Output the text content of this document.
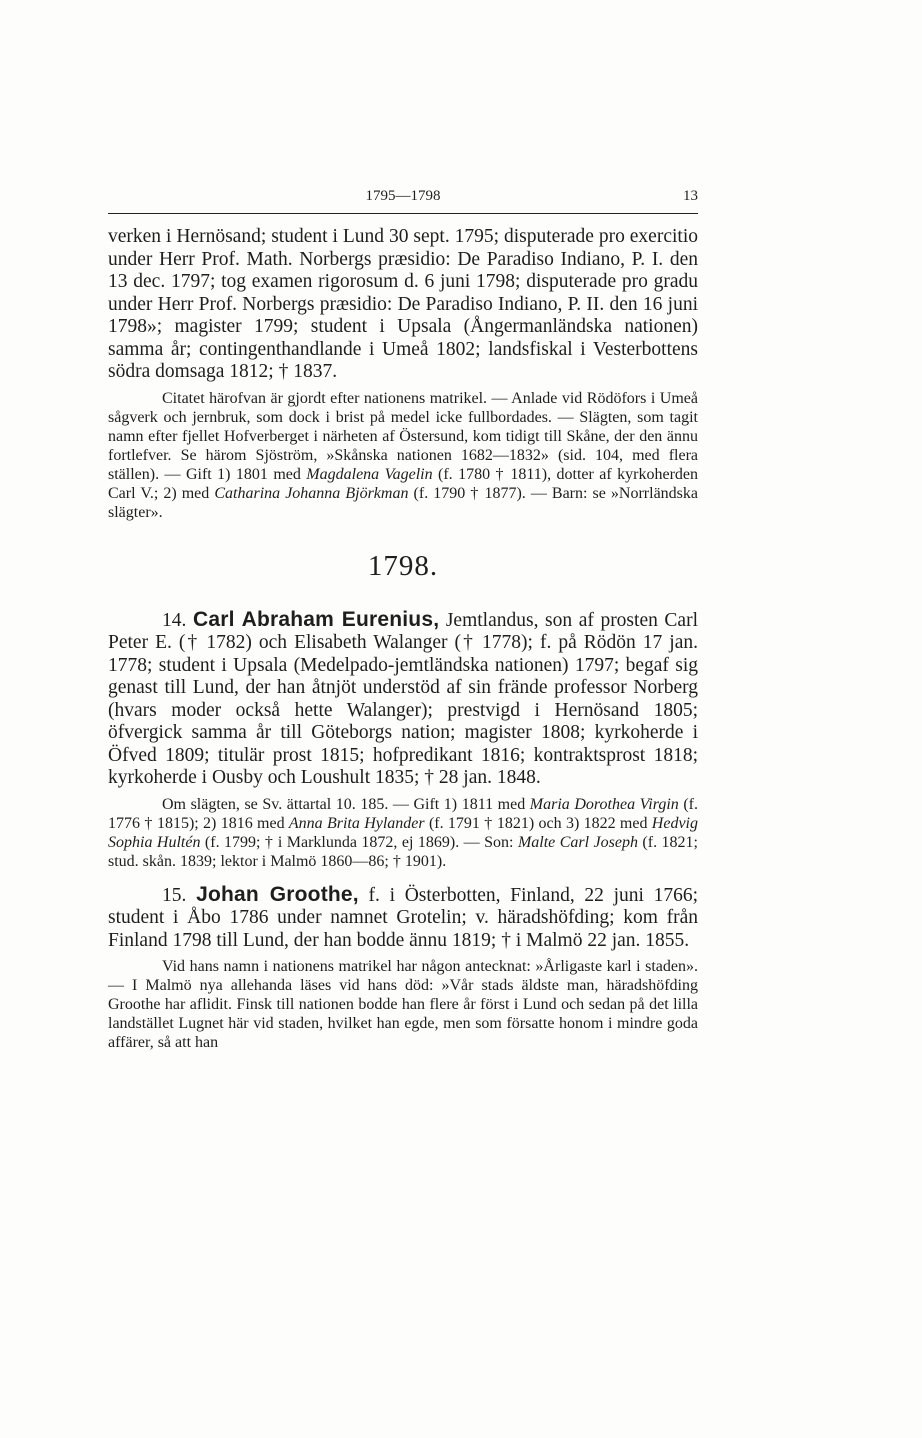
1795—1798	13

verken i Hernösand; student i Lund 30 sept. 1795; disputerade pro exercitio under Herr Prof. Math. Norbergs præsidio: De Paradiso Indiano, P. I. den 13 dec. 1797; tog examen rigorosum d. 6 juni 1798; disputerade pro gradu under Herr Prof. Norbergs præsidio: De Paradiso Indiano, P. II. den 16 juni 1798»; magister 1799; student i Upsala (Ångermanländska nationen) samma år; contingenthandlande i Umeå 1802; landsfiskal i Vesterbottens södra domsaga 1812; † 1837.

Citatet härofvan är gjordt efter nationens matrikel. — Anlade vid Rödöfors i Umeå sågverk och jernbruk, som dock i brist på medel icke fullbordades. — Slägten, som tagit namn efter fjellet Hofverberget i närheten af Östersund, kom tidigt till Skåne, der den ännu fortlefver. Se härom Sjöström, »Skånska nationen 1682—1832» (sid. 104, med flera ställen). — Gift 1) 1801 med Magdalena Vagelin (f. 1780 † 1811), dotter af kyrkoherden Carl V.; 2) med Catharina Johanna Björkman (f. 1790 † 1877). — Barn: se »Norrländska slägter».

1798.

14. Carl Abraham Eurenius, Jemtlandus, son af prosten Carl Peter E. († 1782) och Elisabeth Walanger († 1778); f. på Rödön 17 jan. 1778; student i Upsala (Medelpado-jemtländska nationen) 1797; begaf sig genast till Lund, der han åtnjöt understöd af sin frände professor Norberg (hvars moder också hette Walanger); prestvigd i Hernösand 1805; öfvergick samma år till Göteborgs nation; magister 1808; kyrkoherde i Öfved 1809; titulär prost 1815; hofpredikant 1816; kontraktsprost 1818; kyrkoherde i Ousby och Loushult 1835; † 28 jan. 1848.

Om slägten, se Sv. ättartal 10. 185. — Gift 1) 1811 med Maria Dorothea Virgin (f. 1776 † 1815); 2) 1816 med Anna Brita Hylander (f. 1791 † 1821) och 3) 1822 med Hedvig Sophia Hultén (f. 1799; † i Marklunda 1872, ej 1869). — Son: Malte Carl Joseph (f. 1821; stud. skån. 1839; lektor i Malmö 1860—86; † 1901).

15. Johan Groothe, f. i Österbotten, Finland, 22 juni 1766; student i Åbo 1786 under namnet Grotelin; v. häradshöfding; kom från Finland 1798 till Lund, der han bodde ännu 1819; † i Malmö 22 jan. 1855.

Vid hans namn i nationens matrikel har någon antecknat: »Årligaste karl i staden». — I Malmö nya allehanda läses vid hans död: »Vår stads äldste man, häradshöfding Groothe har aflidit. Finsk till nationen bodde han flere år först i Lund och sedan på det lilla landstället Lugnet här vid staden, hvilket han egde, men som försatte honom i mindre goda affärer, så att han
